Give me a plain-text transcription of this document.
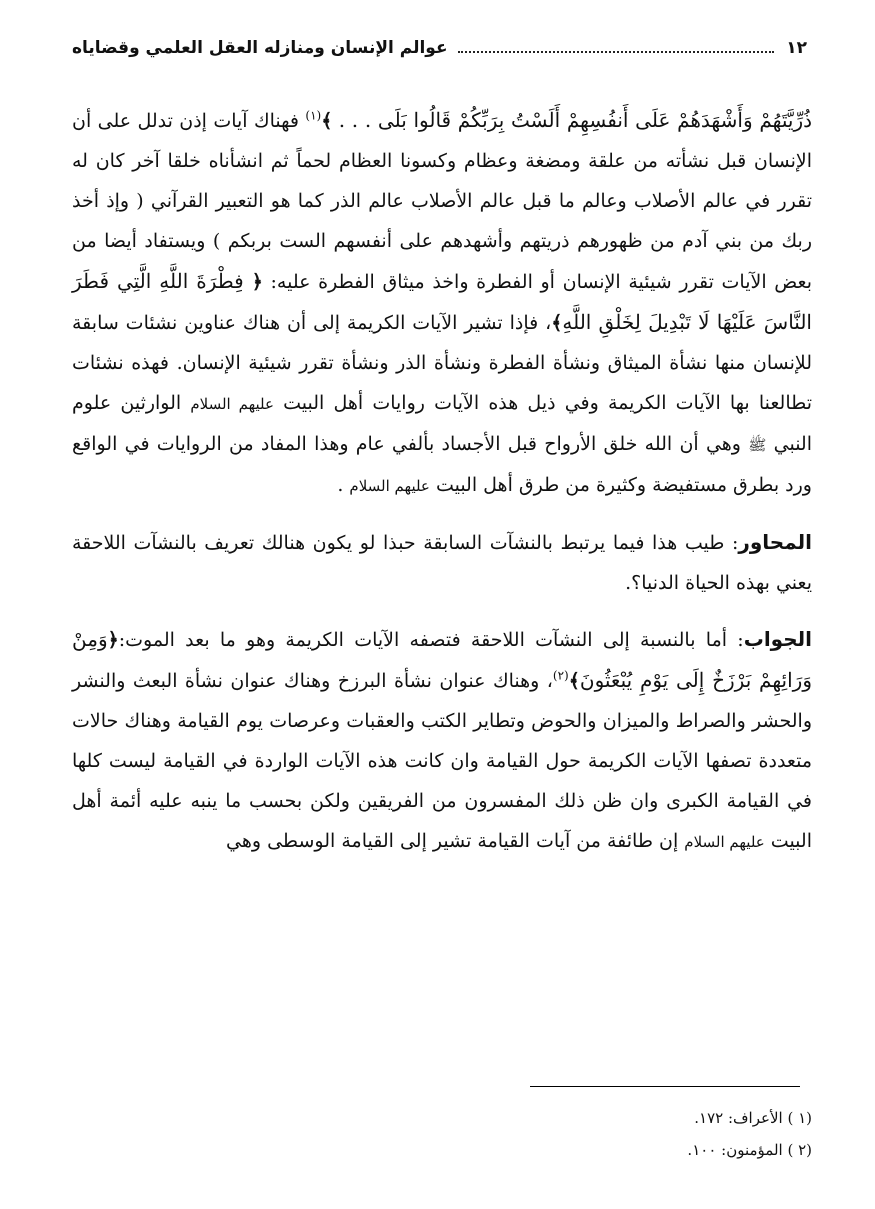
١٢
عوالم الإنسان ومنازله العقل العلمي وقضاياه

ذُرِّيَّتَهُمْ وَأَشْهَدَهُمْ عَلَى أَنفُسِهِمْ أَلَسْتُ بِرَبِّكُمْ قَالُوا بَلَى . . . ﴾$^{(١)}$ فهناك آيات إذن تدلل على أن الإنسان قبل نشأته من علقة ومضغة وعظام وكسونا العظام لحماً ثم انشأناه خلقا آخر كان له تقرر في عالم الأصلاب وعالم ما قبل عالم الأصلاب عالم الذر كما هو التعبير القرآني ( وإذ أخذ ربك من بني آدم من ظهورهم ذريتهم وأشهدهم على أنفسهم الست بربكم ) ويستفاد أيضا من بعض الآيات تقرر شيئية الإنسان أو الفطرة واخذ ميثاق الفطرة عليه: ﴿ فِطْرَةَ اللَّهِ الَّتِي فَطَرَ النَّاسَ عَلَيْهَا لَا تَبْدِيلَ لِخَلْقِ اللَّهِ﴾، فإذا تشير الآيات الكريمة إلى أن هناك عناوين نشئات سابقة للإنسان منها نشأة الميثاق ونشأة الفطرة ونشأة الذر ونشأة تقرر شيئية الإنسان. فهذه نشئات تطالعنا بها الآيات الكريمة وفي ذيل هذه الآيات روايات أهل البيت عليهم السلام الوارثين علوم النبي ﷺ وهي أن الله خلق الأرواح قبل الأجساد بألفي عام وهذا المفاد من الروايات في الواقع ورد بطرق مستفيضة وكثيرة من طرق أهل البيت عليهم السلام .

المحاور: طيب هذا فيما يرتبط بالنشآت السابقة حبذا لو يكون هنالك تعريف بالنشآت اللاحقة يعني بهذه الحياة الدنيا؟.

الجواب: أما بالنسبة إلى النشآت اللاحقة فتصفه الآيات الكريمة وهو ما بعد الموت:﴿وَمِنْ وَرَائِهِمْ بَرْزَخٌ إِلَى يَوْمِ يُبْعَثُونَ﴾$^{(٢)}$، وهناك عنوان نشأة البرزخ وهناك عنوان نشأة البعث والنشر والحشر والصراط والميزان والحوض وتطاير الكتب والعقبات وعرصات يوم القيامة وهناك حالات متعددة تصفها الآيات الكريمة حول القيامة وان كانت هذه الآيات الواردة في القيامة ليست كلها في القيامة الكبرى وان ظن ذلك المفسرون من الفريقين ولكن بحسب ما ينبه عليه أئمة أهل البيت عليهم السلام إن طائفة من آيات القيامة تشير إلى القيامة الوسطى وهي

(١ ) الأعراف: ١٧٢.
(٢ ) المؤمنون: ١٠٠.
